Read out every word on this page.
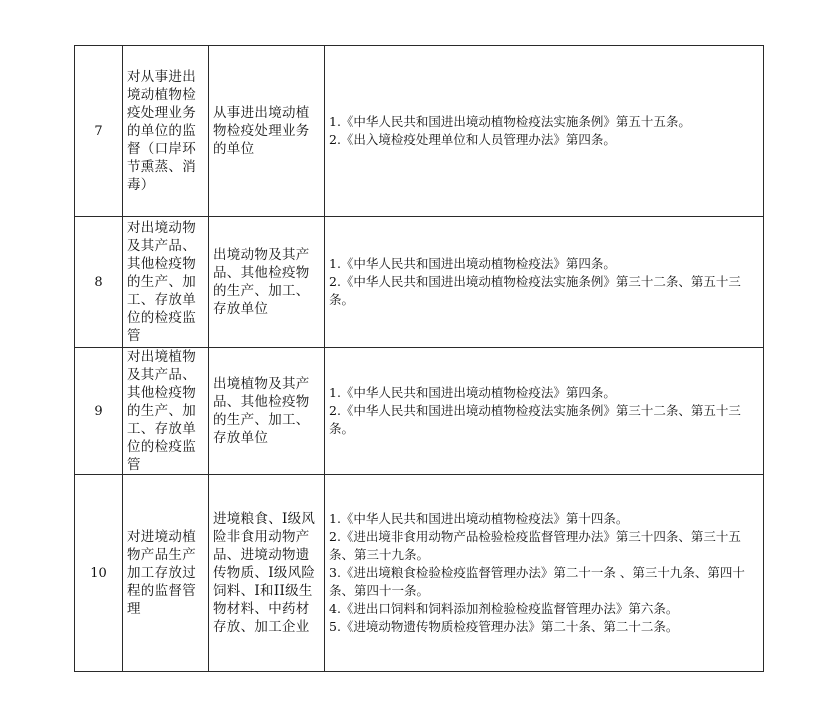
7	对从事进出境动植物检疫处理业务的单位的监督（口岸环节熏蒸、消毒）	从事进出境动植物检疫处理业务的单位	1.《中华人民共和国进出境动植物检疫法实施条例》第五十五条。
2.《出入境检疫处理单位和人员管理办法》第四条。

8	对出境动物及其产品、其他检疫物的生产、加工、存放单位的检疫监管	出境动物及其产品、其他检疫物的生产、加工、存放单位	1.《中华人民共和国进出境动植物检疫法》第四条。
2.《中华人民共和国进出境动植物检疫法实施条例》第三十二条、第五十三条。

9	对出境植物及其产品、其他检疫物的生产、加工、存放单位的检疫监管	出境植物及其产品、其他检疫物的生产、加工、存放单位	1.《中华人民共和国进出境动植物检疫法》第四条。
2.《中华人民共和国进出境动植物检疫法实施条例》第三十二条、第五十三条。

10	对进境动植物产品生产加工存放过程的监督管理	进境粮食、I级风险非食用动物产品、进境动物遗传物质、I级风险饲料、I和II级生物材料、中药材存放、加工企业	1.《中华人民共和国进出境动植物检疫法》第十四条。
2.《进出境非食用动物产品检验检疫监督管理办法》第三十四条、第三十五条、第三十九条。
3.《进出境粮食检验检疫监督管理办法》第二十一条 、第三十九条、第四十条、第四十一条。
4.《进出口饲料和饲料添加剂检验检疫监督管理办法》第六条。
5.《进境动物遗传物质检疫管理办法》第二十条、第二十二条。
